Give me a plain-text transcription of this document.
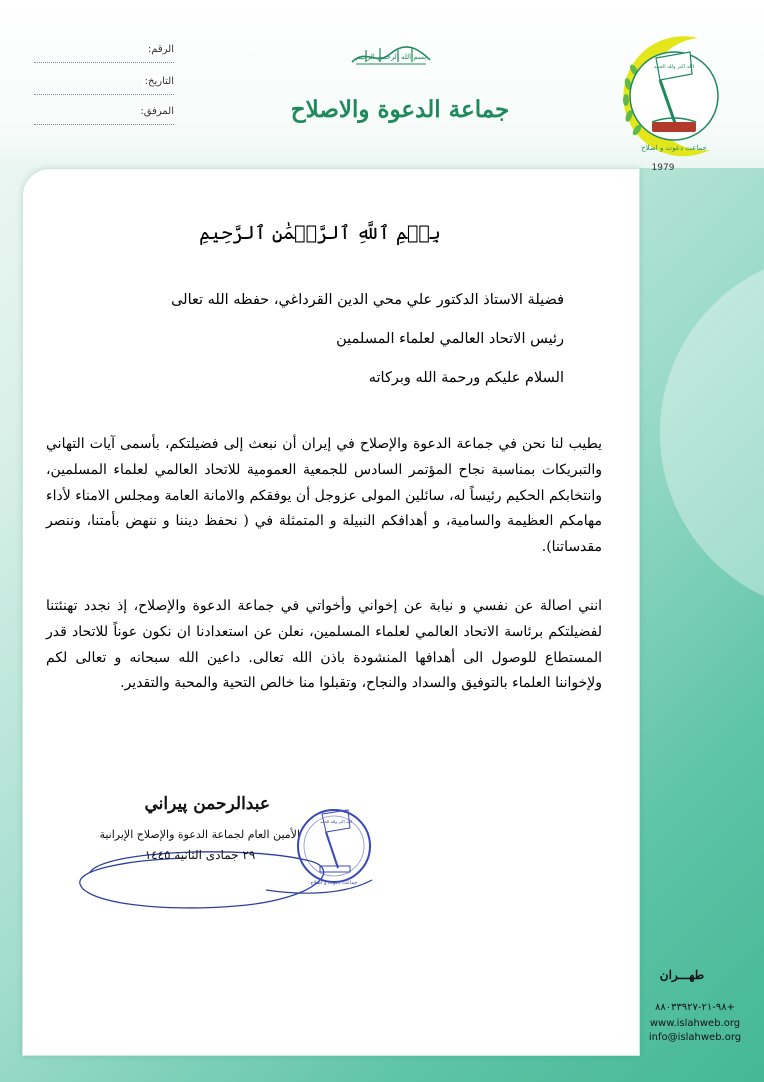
الرقم:
التاريخ:
المرفق:
بسم الله الرحمن الرحيم
جماعة الدعوة والاصلاح
جماعت دعوت و اصلاح
الله اكبر ولله الحمد
1979
بِسۡمِ ٱللَّهِ ٱلرَّحۡمَٰنِ ٱلرَّحِيمِ
فضيلة الاستاذ الدكتور علي محي الدين القرداغي، حفظه الله تعالى
رئيس الاتحاد العالمي لعلماء المسلمين
السلام عليكم ورحمة الله وبركاته
يطيب لنا نحن في جماعة الدعوة والإصلاح في إيران أن نبعث إلى فضيلتكم، بأسمى آيات التهاني والتبريكات بمناسبة نجاح المؤتمر السادس للجمعية العمومية للاتحاد العالمي لعلماء المسلمين، وانتخابكم الحكيم رئيساً له، سائلين المولى عزوجل أن يوفقكم والامانة العامة ومجلس الامناء لأداء مهامكم العظيمة والسامية، و أهدافكم النبيلة و المتمثلة في ( نحفظ ديننا و ننهض بأمتنا، وننصر مقدساتنا).
انني اصالة عن نفسي و نيابة عن إخواني وأخواتي في جماعة الدعوة والإصلاح، إذ نجدد تهنئتنا لفضيلتكم برئاسة الاتحاد العالمي لعلماء المسلمين، نعلن عن استعدادنا ان نكون عوناً للاتحاد قدر المستطاع للوصول الى أهدافها المنشودة باذن الله تعالى. داعين الله سبحانه و تعالى لكم ولإخواننا العلماء بالتوفيق والسداد والنجاح، وتقبلوا منا خالص التحية والمحبة والتقدير.
عبدالرحمن پيراني
الأمين العام لجماعة الدعوة والإصلاح الإيرانية
٢٩ جمادى الثانية ١٤٤٥
جماعت دعوت و اصلاح
الله اكبر ولله الحمد
طهـــران
+٩٨-٢١-٨٨٠٣٣٩٢٧
www.islahweb.org
info@islahweb.org
